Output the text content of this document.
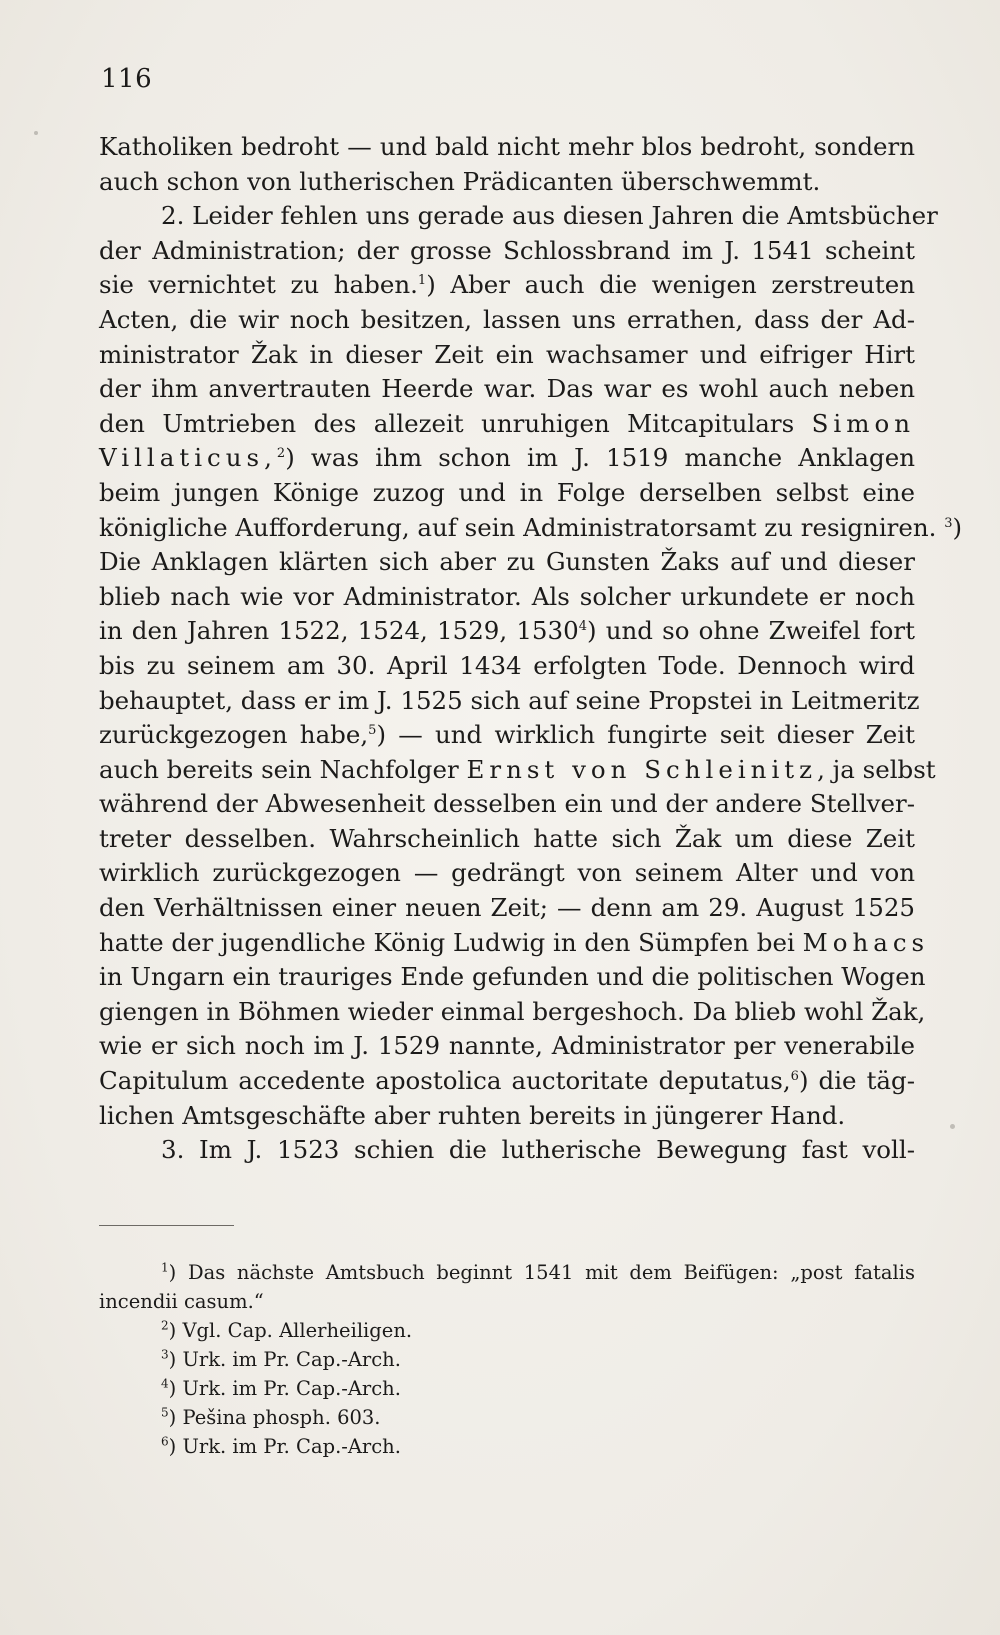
116
Katholiken bedroht — und bald nicht mehr blos bedroht, sondern
auch schon von lutherischen Prädicanten überschwemmt.
2. Leider fehlen uns gerade aus diesen Jahren die Amtsbücher
der Administration; der grosse Schlossbrand im J. 1541 scheint
sie vernichtet zu haben.$^1$) Aber auch die wenigen zerstreuten
Acten, die wir noch besitzen, lassen uns errathen, dass der Ad-
ministrator Žak in dieser Zeit ein wachsamer und eifriger Hirt
der ihm anvertrauten Heerde war. Das war es wohl auch neben
den Umtrieben des allezeit unruhigen Mitcapitulars Simon
Villaticus,$^2$) was ihm schon im J. 1519 manche Anklagen
beim jungen Könige zuzog und in Folge derselben selbst eine
königliche Aufforderung, auf sein Administratorsamt zu resigniren. $^3$)
Die Anklagen klärten sich aber zu Gunsten Žaks auf und dieser
blieb nach wie vor Administrator. Als solcher urkundete er noch
in den Jahren 1522, 1524, 1529, 1530$^4$) und so ohne Zweifel fort
bis zu seinem am 30. April 1434 erfolgten Tode. Dennoch wird
behauptet, dass er im J. 1525 sich auf seine Propstei in Leitmeritz
zurückgezogen habe,$^5$) — und wirklich fungirte seit dieser Zeit
auch bereits sein Nachfolger Ernst von Schleinitz, ja selbst
während der Abwesenheit desselben ein und der andere Stellver-
treter desselben. Wahrscheinlich hatte sich Žak um diese Zeit
wirklich zurückgezogen — gedrängt von seinem Alter und von
den Verhältnissen einer neuen Zeit; — denn am 29. August 1525
hatte der jugendliche König Ludwig in den Sümpfen bei Mohacs
in Ungarn ein trauriges Ende gefunden und die politischen Wogen
giengen in Böhmen wieder einmal bergeshoch. Da blieb wohl Žak,
wie er sich noch im J. 1529 nannte, Administrator per venerabile
Capitulum accedente apostolica auctoritate deputatus,$^6$) die täg-
lichen Amtsgeschäfte aber ruhten bereits in jüngerer Hand.
3. Im J. 1523 schien die lutherische Bewegung fast voll-
$^1$) Das nächste Amtsbuch beginnt 1541 mit dem Beifügen: „post fatalis
incendii casum.“
$^2$) Vgl. Cap. Allerheiligen.
$^3$) Urk. im Pr. Cap.-Arch.
$^4$) Urk. im Pr. Cap.-Arch.
$^5$) Pešina phosph. 603.
$^6$) Urk. im Pr. Cap.-Arch.
